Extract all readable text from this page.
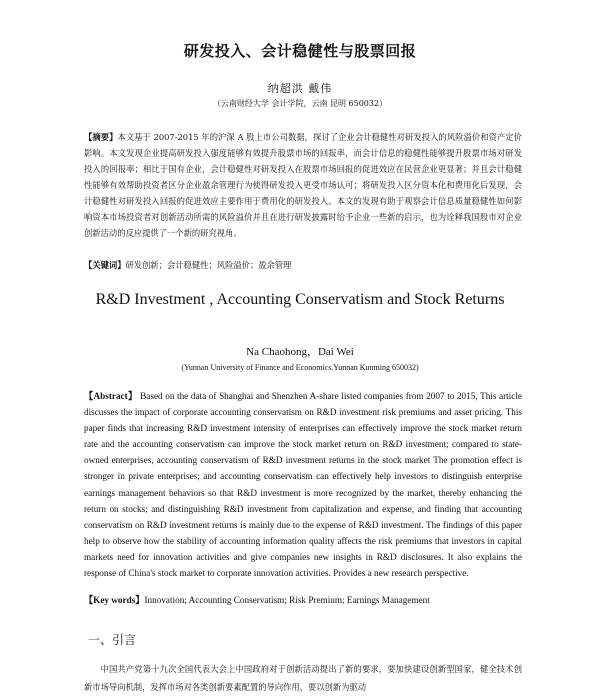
研发投入、会计稳健性与股票回报
纳超洪 戴伟
（云南财经大学 会计学院，云南 昆明 650032）
【摘要】本文基于 2007-2015 年的沪深 A 股上市公司数据，探讨了企业会计稳健性对研发投入的风险溢价和资产定价影响。本文发现企业提高研发投入强度能够有效提升股票市场的回报率，而会计信息的稳健性能够提升股票市场对研发投入的回报率；相比于国有企业，会计稳健性对研发投入在股票市场回报的促进效应在民营企业更显著；并且会计稳健性能够有效帮助投资者区分企业盈余管理行为使得研发投入更受市场认可；将研发投入区分资本化和费用化后发现，会计稳健性对研发投入回报的促进效应主要作用于费用化的研发投入。本文的发现有助于观察会计信息质量稳健性如何影响资本市场投资者对创新活动所需的风险溢价并且在进行研发披露时给予企业一些新的启示，也为诠释我国股市对企业创新活动的反应提供了一个新的研究视角。
【关键词】研发创新；会计稳健性；风险溢价；盈余管理
R&D Investment , Accounting Conservatism and Stock Returns
Na Chaohong，Dai Wei
(Yunnan University of Finance and Economics.Yunnan Kunming 650032)
【Abstract】 Based on the data of Shanghai and Shenzhen A-share listed companies from 2007 to 2015, This article discusses the impact of corporate accounting conservatism on R&D investment risk premiums and asset pricing. This paper finds that increasing R&D investment intensity of enterprises can effectively improve the stock market return rate and the accounting conservatism can improve the stock market return on R&D investment; compared to state-owned enterprises, accounting conservatism of R&D investment returns in the stock market The promotion effect is stronger in private enterprises; and accounting conservatism can effectively help investors to distinguish enterprise earnings management behaviors so that R&D investment is more recognized by the market, thereby enhancing the return on stocks; and distinguishing R&D investment from capitalization and expense, and finding that accounting conservatism on R&D investment returns is mainly due to the expense of R&D investment. The findings of this paper help to observe how the stability of accounting information quality affects the risk premiums that investors in capital markets need for innovation activities and give companies new insights in R&D disclosures. It also explains the response of China's stock market to corporate innovation activities. Provides a new research perspective.
【Key words】Innovation; Accounting Conservatism; Risk Premium; Earnings Management
一、引言
中国共产党第十九次全国代表大会上中国政府对于创新活动提出了新的要求，要加快建设创新型国家，健全技术创新市场导向机制，发挥市场对各类创新要素配置的导向作用，要以创新为驱动
